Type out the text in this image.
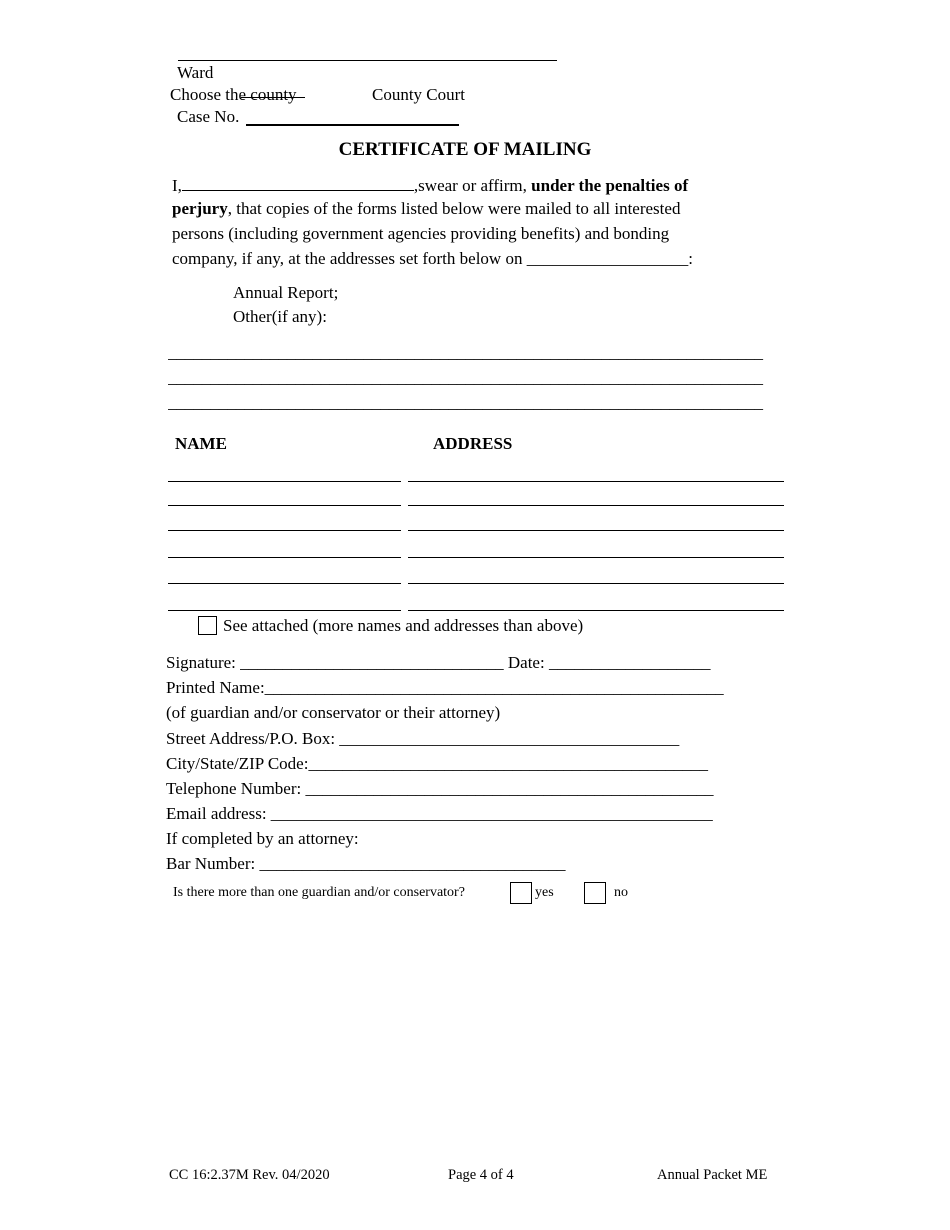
Ward
Choose the county	County Court
Case No.
CERTIFICATE OF MAILING
I,	,swear or affirm, under the penalties of
perjury, that copies of the forms listed below were mailed to all interested
persons (including government agencies providing benefits) and bonding
company, if any, at the addresses set forth below on ___________________:
Annual Report;
Other(if any):
______________________________________________________________________
______________________________________________________________________
______________________________________________________________________
NAME	ADDRESS
See attached (more names and addresses than above)
Signature: _______________________________ Date: ___________________
Printed Name:______________________________________________________
(of guardian and/or conservator or their attorney)
Street Address/P.O. Box: ________________________________________
City/State/ZIP Code:_______________________________________________
Telephone Number: ________________________________________________
Email address: ____________________________________________________
If completed by an attorney:
Bar Number: ____________________________________
Is there more than one guardian and/or conservator?	yes	no
CC 16:2.37M Rev. 04/2020	Page 4 of 4	Annual Packet ME
